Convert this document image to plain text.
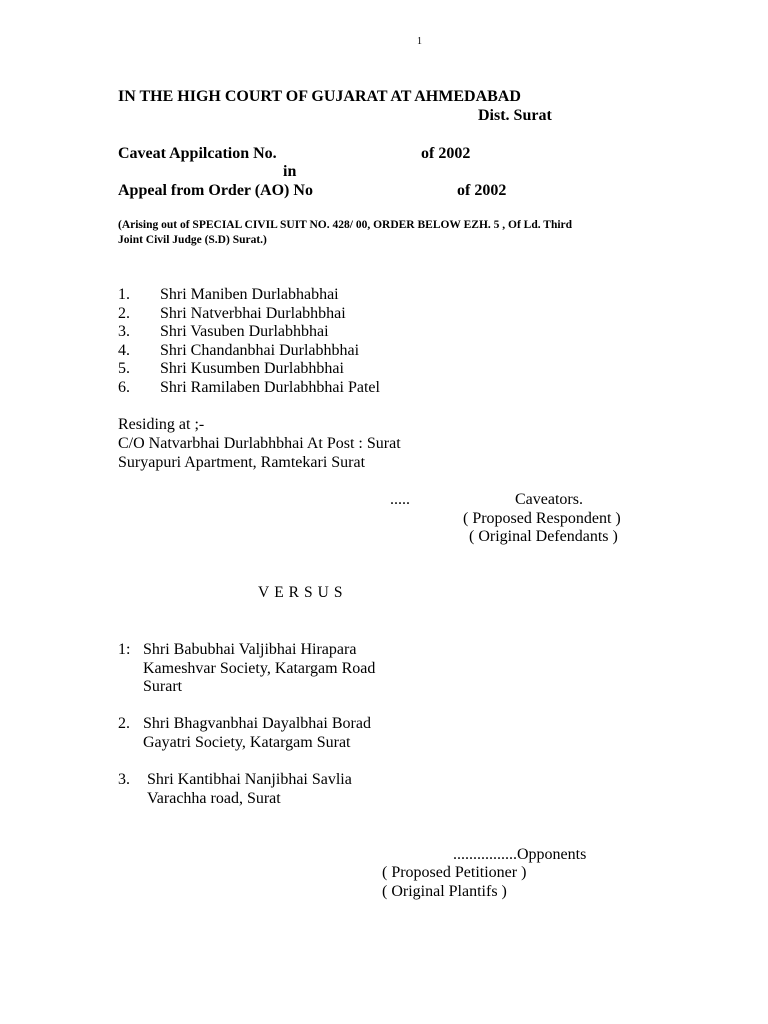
1
IN THE HIGH COURT OF GUJARAT AT AHMEDABAD
Dist. Surat
Caveat Appilcation No.	of 2002
in
Appeal from Order (AO) No	of 2002
(Arising out of SPECIAL CIVIL SUIT NO. 428/ 00, ORDER BELOW EZH. 5 , Of Ld. Third
Joint Civil Judge (S.D) Surat.)
1. Shri Maniben Durlabhabhai
2. Shri Natverbhai Durlabhbhai
3. Shri Vasuben Durlabhbhai
4. Shri Chandanbhai Durlabhbhai
5. Shri Kusumben Durlabhbhai
6. Shri Ramilaben Durlabhbhai Patel
Residing at ;-
C/O Natvarbhai Durlabhbhai At Post : Surat
Suryapuri Apartment, Ramtekari Surat
.....	Caveators.
( Proposed Respondent )
( Original Defendants )
VERSUS
1: Shri Babubhai Valjibhai Hirapara
Kameshvar Society, Katargam Road
Surart
2. Shri Bhagvanbhai Dayalbhai Borad
Gayatri Society, Katargam Surat
3. Shri Kantibhai Nanjibhai Savlia
Varachha road, Surat
................Opponents
( Proposed Petitioner )
( Original Plantifs )
